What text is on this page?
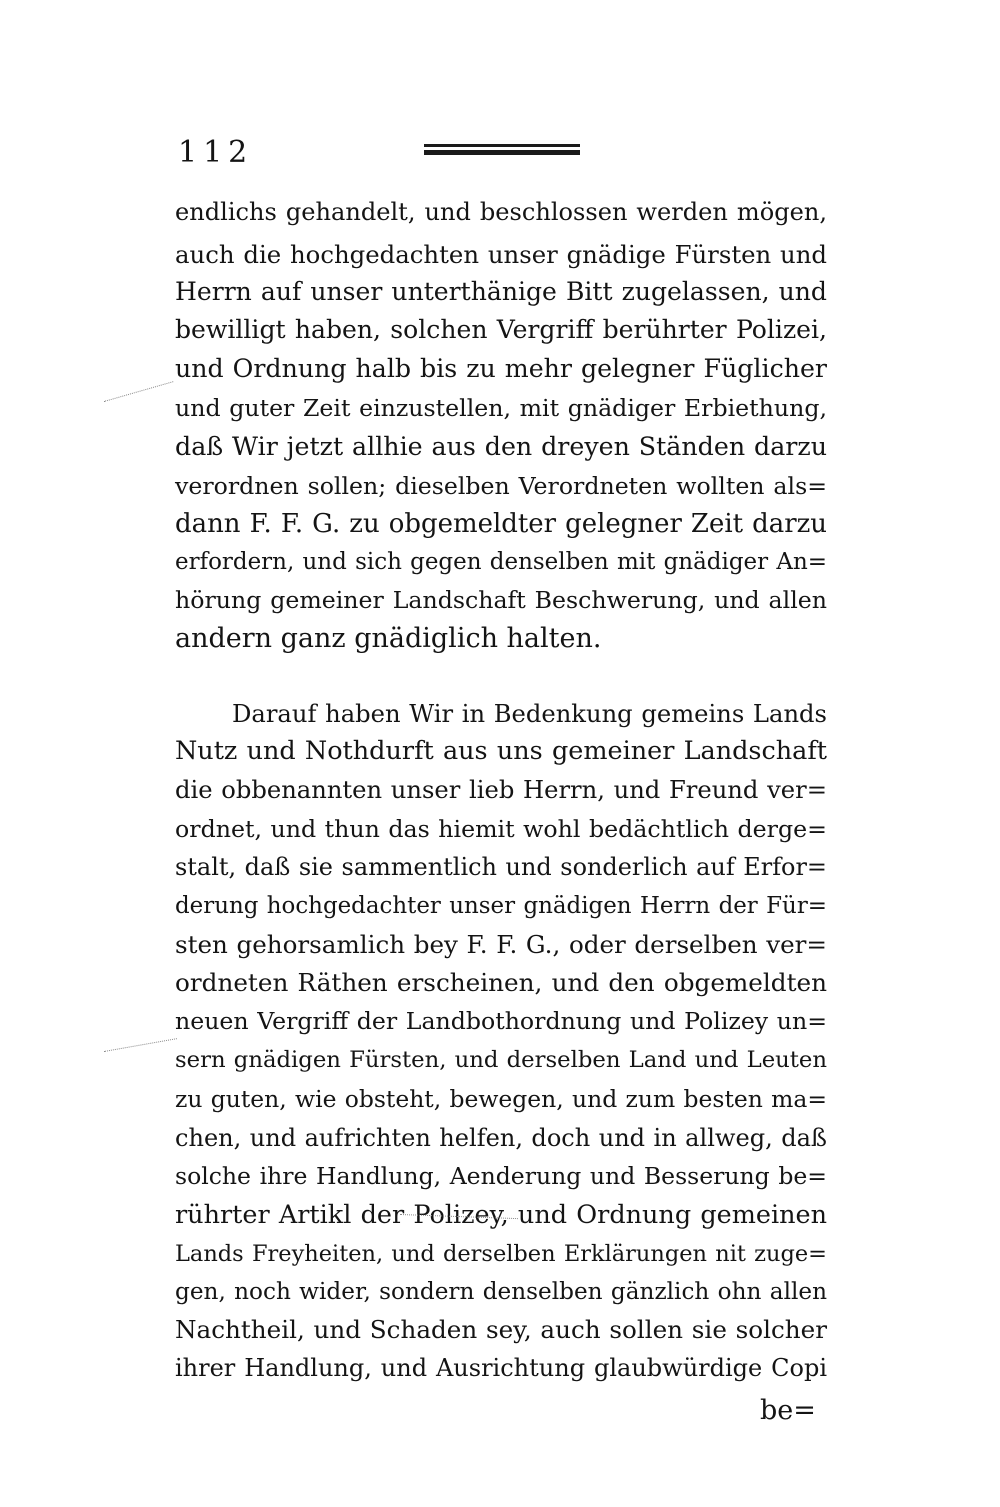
112
endlichs gehandelt, und beschlossen werden mögen,
auch die hochgedachten unser gnädige Fürsten und
Herrn auf unser unterthänige Bitt zugelassen, und
bewilligt haben, solchen Vergriff berührter Polizei,
und Ordnung halb bis zu mehr gelegner Füglicher
und guter Zeit einzustellen, mit gnädiger Erbiethung,
daß Wir jetzt allhie aus den dreyen Ständen darzu
verordnen sollen; dieselben Verordneten wollten als=
dann F. F. G. zu obgemeldter gelegner Zeit darzu
erfordern, und sich gegen denselben mit gnädiger An=
hörung gemeiner Landschaft Beschwerung, und allen
andern ganz gnädiglich halten.
Darauf haben Wir in Bedenkung gemeins Lands
Nutz und Nothdurft aus uns gemeiner Landschaft
die obbenannten unser lieb Herrn, und Freund ver=
ordnet, und thun das hiemit wohl bedächtlich derge=
stalt, daß sie sammentlich und sonderlich auf Erfor=
derung hochgedachter unser gnädigen Herrn der Für=
sten gehorsamlich bey F. F. G., oder derselben ver=
ordneten Räthen erscheinen, und den obgemeldten
neuen Vergriff der Landbothordnung und Polizey un=
sern gnädigen Fürsten, und derselben Land und Leuten
zu guten, wie obsteht, bewegen, und zum besten ma=
chen, und aufrichten helfen, doch und in allweg, daß
solche ihre Handlung, Aenderung und Besserung be=
rührter Artikl der Polizey, und Ordnung gemeinen
Lands Freyheiten, und derselben Erklärungen nit zuge=
gen, noch wider, sondern denselben gänzlich ohn allen
Nachtheil, und Schaden sey, auch sollen sie solcher
ihrer Handlung, und Ausrichtung glaubwürdige Copi
be=
